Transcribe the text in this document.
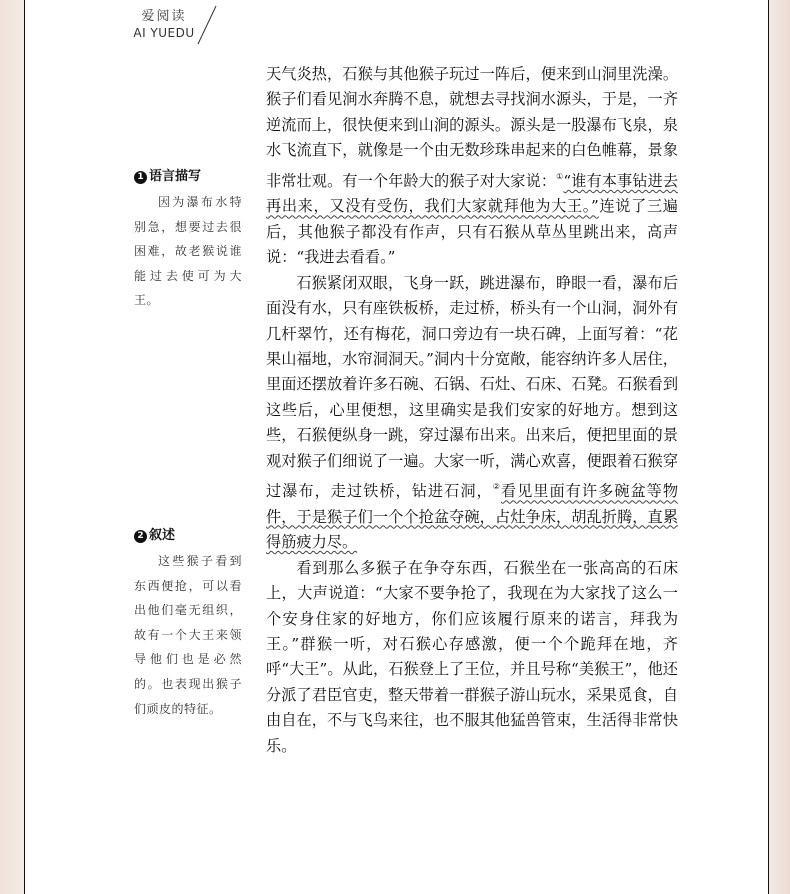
爱阅读
AI YUEDU
1 语言描写
因为瀑布水特别急，想要过去很困难，故老猴说谁能过去使可为大王。
2 叙述
这些猴子看到东西便抢，可以看出他们毫无组织，故有一个大王来领导他们也是必然的。也表现出猴子们顽皮的特征。

天气炎热，石猴与其他猴子玩过一阵后，便来到山洞里洗澡。猴子们看见涧水奔腾不息，就想去寻找涧水源头，于是，一齐逆流而上，很快便来到山涧的源头。源头是一股瀑布飞泉，泉水飞流直下，就像是一个由无数珍珠串起来的白色帷幕，景象非常壮观。有一个年龄大的猴子对大家说：①“谁有本事钻进去再出来，又没有受伤，我们大家就拜他为大王。”连说了三遍后，其他猴子都没有作声，只有石猴从草丛里跳出来，高声说：“我进去看看。”

石猴紧闭双眼，飞身一跃，跳进瀑布，睁眼一看，瀑布后面没有水，只有座铁板桥，走过桥，桥头有一个山洞，洞外有几杆翠竹，还有梅花，洞口旁边有一块石碑，上面写着：“花果山福地，水帘洞洞天。”洞内十分宽敞，能容纳许多人居住，里面还摆放着许多石碗、石锅、石灶、石床、石凳。石猴看到这些后，心里便想，这里确实是我们安家的好地方。想到这些，石猴便纵身一跳，穿过瀑布出来。出来后，便把里面的景观对猴子们细说了一遍。大家一听，满心欢喜，便跟着石猴穿过瀑布，走过铁桥，钻进石洞，②看见里面有许多碗盆等物件，于是猴子们一个个抢盆夺碗，占灶争床，胡乱折腾，直累得筋疲力尽。

看到那么多猴子在争夺东西，石猴坐在一张高高的石床上，大声说道：“大家不要争抢了，我现在为大家找了这么一个安身住家的好地方，你们应该履行原来的诺言，拜我为王。”群猴一听，对石猴心存感激，便一个个跪拜在地，齐呼“大王”。从此，石猴登上了王位，并且号称“美猴王”，他还分派了君臣官吏，整天带着一群猴子游山玩水，采果觅食，自由自在，不与飞鸟来往，也不服其他猛兽管束，生活得非常快乐。
